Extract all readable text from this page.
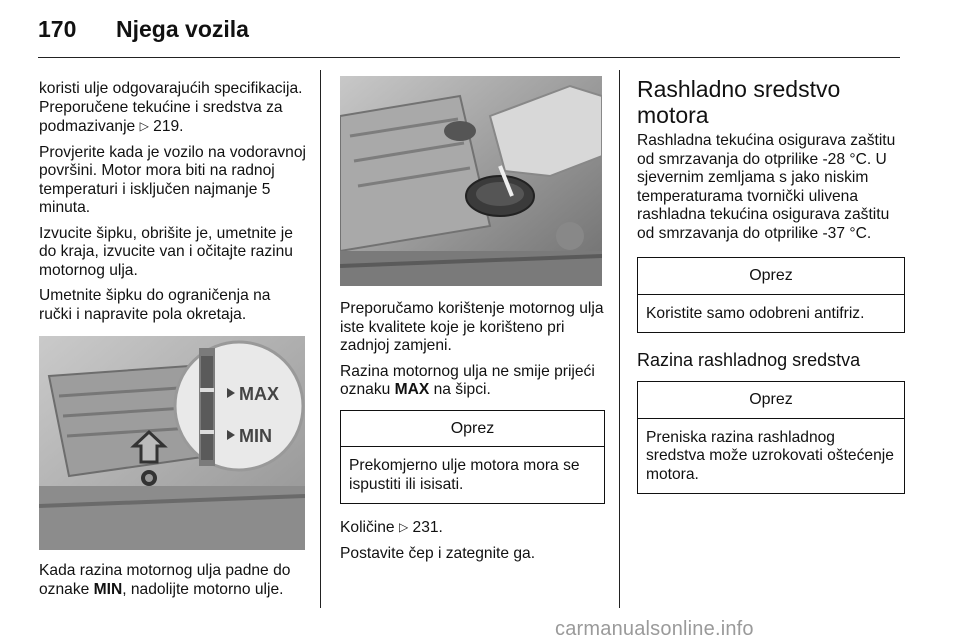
170 Njega vozila

koristi ulje odgovarajućih specifikacija. Preporučene tekućine i sredstva za podmazivanje ▷ 219.

Provjerite kada je vozilo na vodoravnoj površini. Motor mora biti na radnoj temperaturi i isključen najmanje 5 minuta.

Izvucite šipku, obrišite je, umetnite je do kraja, izvucite van i očitajte razinu motornog ulja.

Umetnite šipku do ograničenja na ručki i napravite pola okretaja.

MAX
MIN

Kada razina motornog ulja padne do oznake MIN, nadolijte motorno ulje.

Preporučamo korištenje motornog ulja iste kvalitete koje je korišteno pri zadnjoj zamjeni.

Razina motornog ulja ne smije prijeći oznaku MAX na šipci.

Oprez
Prekomjerno ulje motora mora se ispustiti ili isisati.

Količine ▷ 231.

Postavite čep i zategnite ga.

Rashladno sredstvo motora

Rashladna tekućina osigurava zaštitu od smrzavanja do otprilike -28 °C. U sjevernim zemljama s jako niskim temperaturama tvornički ulivena rashladna tekućina osigurava zaštitu od smrzavanja do otprilike -37 °C.

Oprez
Koristite samo odobreni antifriz.
Razina rashladnog sredstva
Oprez
Preniska razina rashladnog sredstva može uzrokovati oštećenje motora.
carmanualsonline.info
